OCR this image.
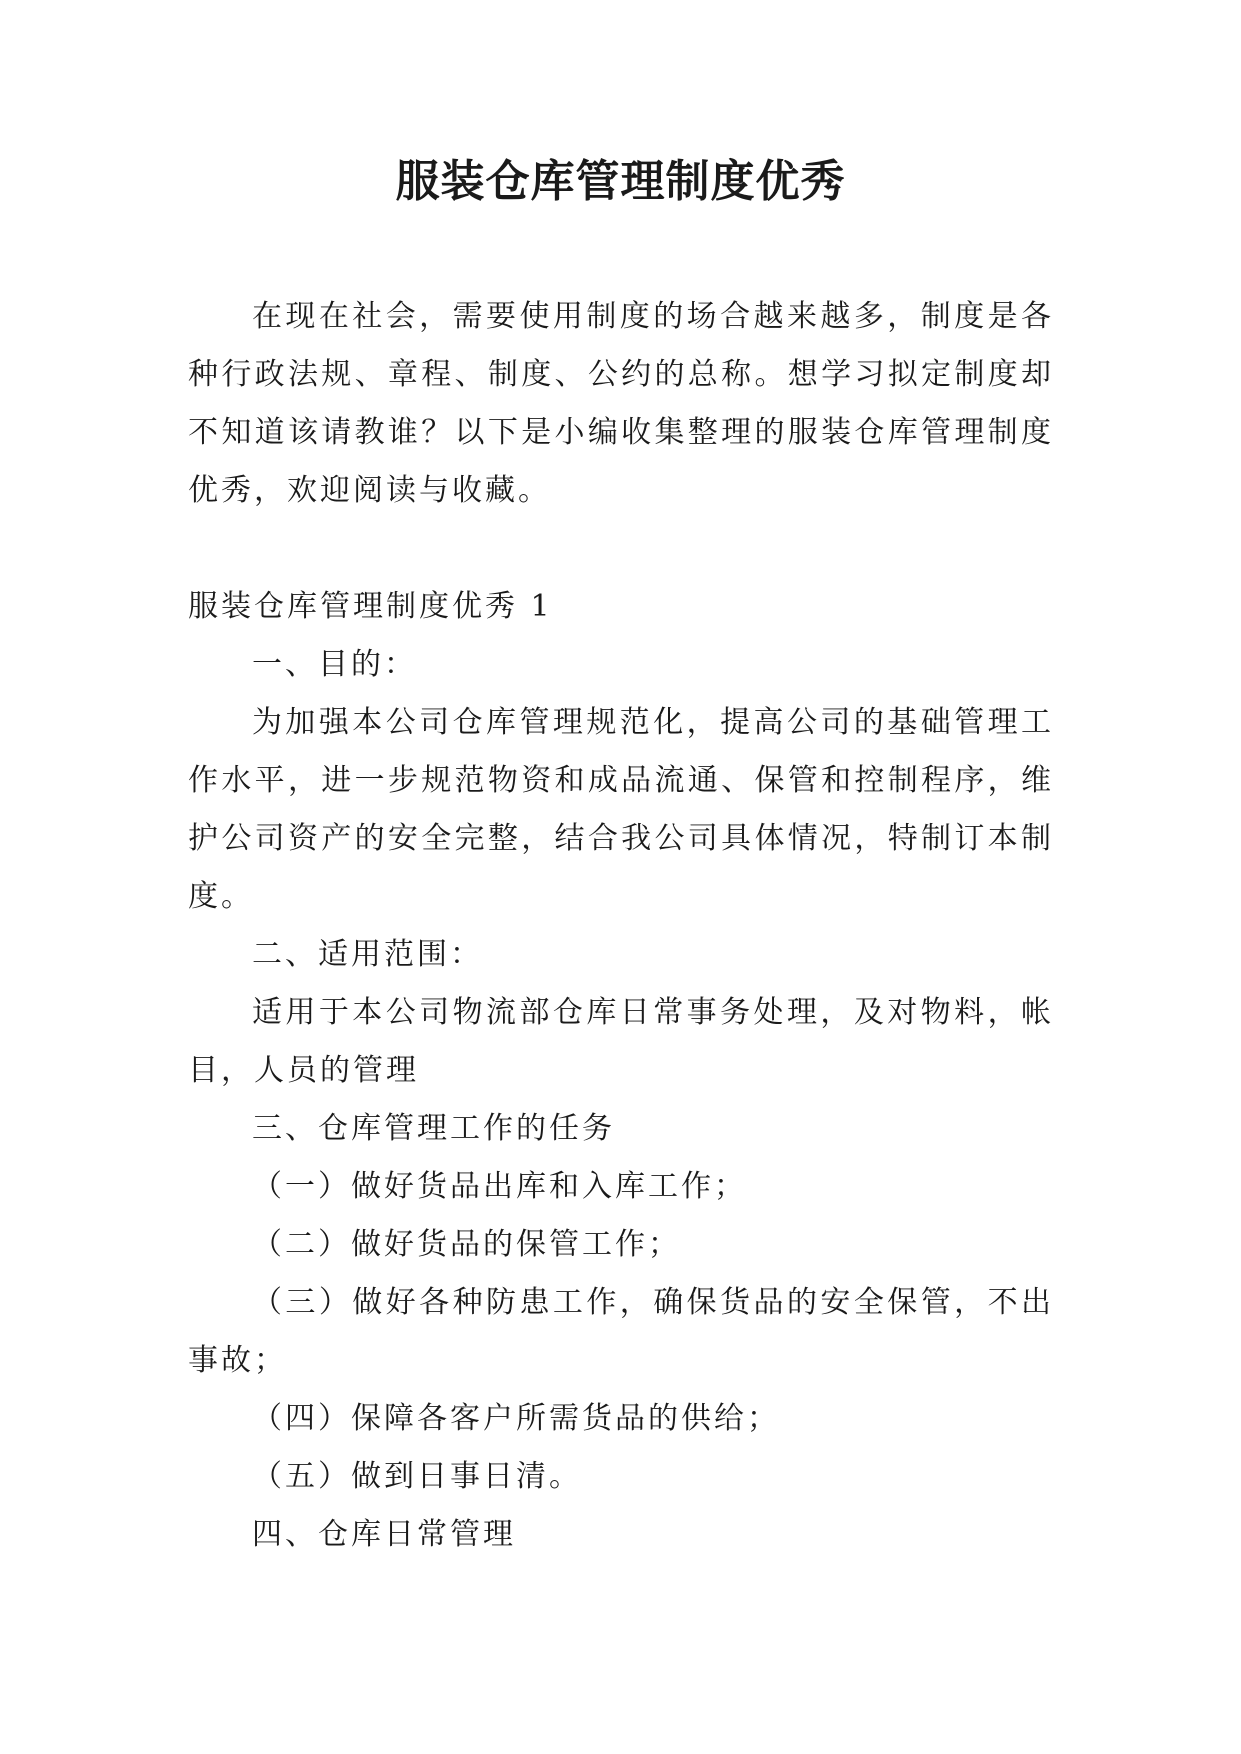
服装仓库管理制度优秀

在现在社会，需要使用制度的场合越来越多，制度是各种行政法规、章程、制度、公约的总称。想学习拟定制度却不知道该请教谁？以下是小编收集整理的服装仓库管理制度优秀，欢迎阅读与收藏。

服装仓库管理制度优秀 1

一、目的：

为加强本公司仓库管理规范化，提高公司的基础管理工作水平，进一步规范物资和成品流通、保管和控制程序，维护公司资产的安全完整，结合我公司具体情况，特制订本制度。

二、适用范围：

适用于本公司物流部仓库日常事务处理，及对物料，帐目，人员的管理

三、仓库管理工作的任务

（一）做好货品出库和入库工作；

（二）做好货品的保管工作；

（三）做好各种防患工作，确保货品的安全保管，不出事故；

（四）保障各客户所需货品的供给；

（五）做到日事日清。

四、仓库日常管理
